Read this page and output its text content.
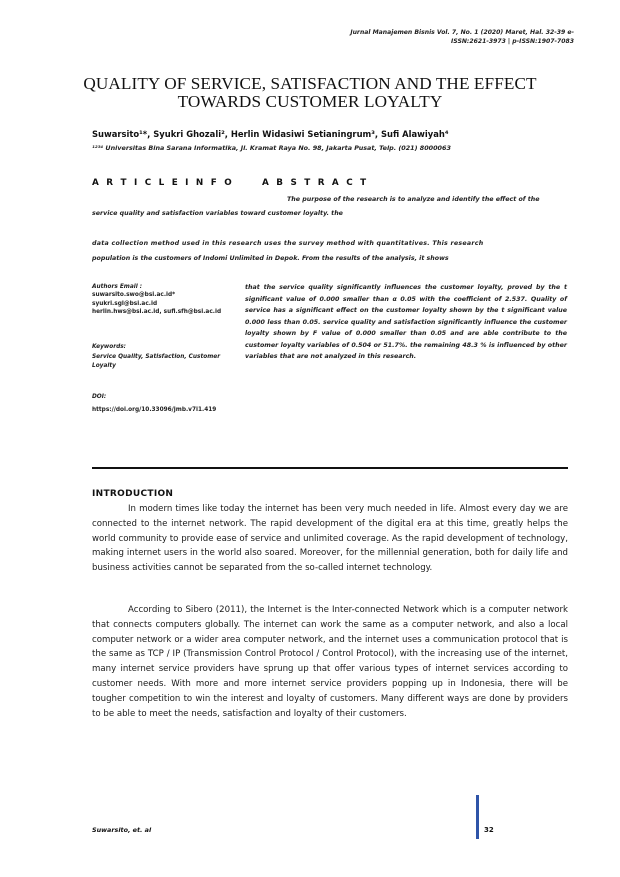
Jurnal Manajemen Bisnis Vol. 7, No. 1 (2020) Maret, Hal. 32-39 e-
ISSN:2621-3973 | p-ISSN:1907-7083
QUALITY OF SERVICE, SATISFACTION AND THE EFFECT
TOWARDS CUSTOMER LOYALTY
Suwarsito¹*, Syukri Ghozali², Herlin Widasiwi Setianingrum³, Sufi Alawiyah⁴
¹²³⁴ Universitas Bina Sarana Informatika, Jl. Kramat Raya No. 98, Jakarta Pusat, Telp. (021) 8000063
A R T I C L E I N F O	A B S T R A C T
The purpose of the research is to analyze and identify the effect of the
service quality and satisfaction variables toward customer loyalty. the
data collection method used in this research uses the survey method with quantitatives. This research
population is the customers of Indomi Unlimited in Depok. From the results of the analysis, it shows
Authors Email :
suwarsito.swo@bsi.ac.id*
syukri.sgl@bsi.ac.id
herlin.hws@bsi.ac.id, sufi.sfh@bsi.ac.id
Keywords:
Service Quality, Satisfaction, Customer Loyalty
DOI:
https://doi.org/10.33096/jmb.v7i1.419
that the service quality significantly influences the customer loyalty, proved by the t significant value of 0.000 smaller than α 0.05 with the coefficient of 2.537. Quality of service has a significant effect on the customer loyalty shown by the t significant value 0.000 less than 0.05. service quality and satisfaction significantly influence the customer loyalty shown by F value of 0.000 smaller than 0.05 and are able contribute to the customer loyalty variables of 0.504 or 51.7%. the remaining 48.3 % is influenced by other variables that are not analyzed in this research.
INTRODUCTION

In modern times like today the internet has been very much needed in life. Almost every day we are connected to the internet network. The rapid development of the digital era at this time, greatly helps the world community to provide ease of service and unlimited coverage. As the rapid development of technology, making internet users in the world also soared. Moreover, for the millennial generation, both for daily life and business activities cannot be separated from the so-called internet technology.

According to Sibero (2011), the Internet is the Inter-connected Network which is a computer network that connects computers globally. The internet can work the same as a computer network, and also a local computer network or a wider area computer network, and the internet uses a communication protocol that is the same as TCP / IP (Transmission Control Protocol / Control Protocol), with the increasing use of the internet, many internet service providers have sprung up that offer various types of internet services according to customer needs. With more and more internet service providers popping up in Indonesia, there will be tougher competition to win the interest and loyalty of customers. Many different ways are done by providers to be able to meet the needs, satisfaction and loyalty of their customers.

Suwarsito, et. al	32
